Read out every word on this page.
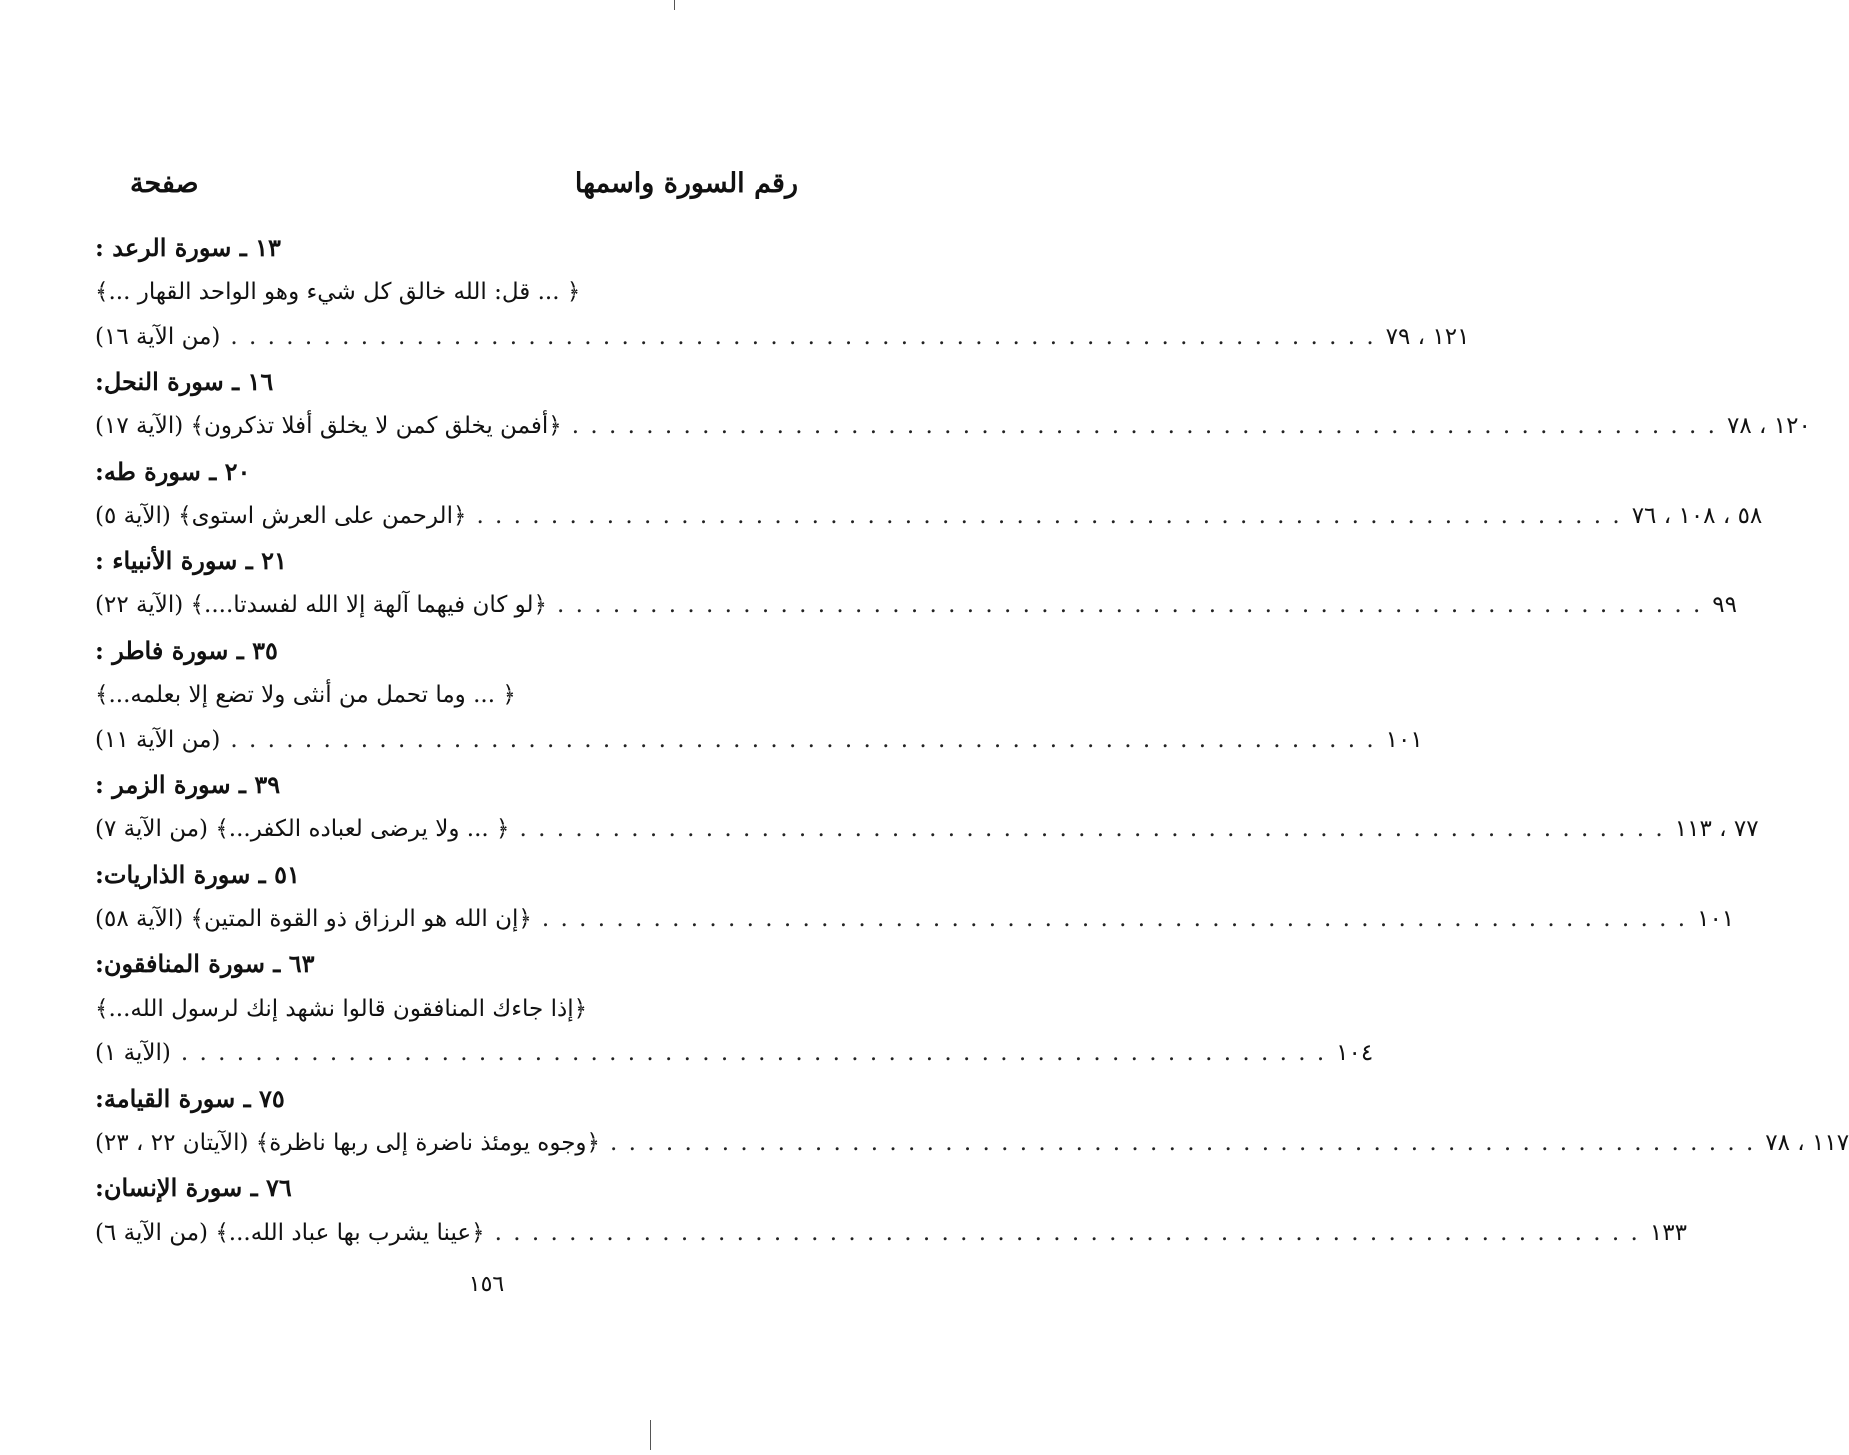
رقم السورة واسمها
صفحة
١٣ ـ سورة الرعد :
﴿ ... قل: الله خالق كل شيء وهو الواحد القهار ...﴾
(من الآية ١٦) . . . . . . . . . . . . . . . . . . . . . . . . . . . . . . . . . . . . . . . . . . . . . . . . . . . . . . . . . . . . . . ١٢١ ، ٧٩
١٦ ـ سورة النحل:
﴿أفمن يخلق كمن لا يخلق أفلا تذكرون﴾ (الآية ١٧) . . . . . . . . . . . . . . . . . . . . . . . . . . . . . . . . . . . . . . . . . . . . . . . . . . . . . . . . . . . . . . ١٢٠ ، ٧٨
٢٠ ـ سورة طه:
﴿الرحمن على العرش استوى﴾ (الآية ٥) . . . . . . . . . . . . . . . . . . . . . . . . . . . . . . . . . . . . . . . . . . . . . . . . . . . . . . . . . . . . . . ٥٨ ، ١٠٨ ، ٧٦
٢١ ـ سورة الأنبياء :
﴿لو كان فيهما آلهة إلا الله لفسدتا....﴾ (الآية ٢٢) . . . . . . . . . . . . . . . . . . . . . . . . . . . . . . . . . . . . . . . . . . . . . . . . . . . . . . . . . . . . . . ٩٩
٣٥ ـ سورة فاطر :
﴿ ... وما تحمل من أنثى ولا تضع إلا بعلمه...﴾
(من الآية ١١) . . . . . . . . . . . . . . . . . . . . . . . . . . . . . . . . . . . . . . . . . . . . . . . . . . . . . . . . . . . . . . ١٠١
٣٩ ـ سورة الزمر :
﴿ ... ولا يرضى لعباده الكفر...﴾ (من الآية ٧) . . . . . . . . . . . . . . . . . . . . . . . . . . . . . . . . . . . . . . . . . . . . . . . . . . . . . . . . . . . . . . ٧٧ ، ١١٣
٥١ ـ سورة الذاريات:
﴿إن الله هو الرزاق ذو القوة المتين﴾ (الآية ٥٨) . . . . . . . . . . . . . . . . . . . . . . . . . . . . . . . . . . . . . . . . . . . . . . . . . . . . . . . . . . . . . . ١٠١
٦٣ ـ سورة المنافقون:
﴿إذا جاءك المنافقون قالوا نشهد إنك لرسول الله...﴾
(الآية ١) . . . . . . . . . . . . . . . . . . . . . . . . . . . . . . . . . . . . . . . . . . . . . . . . . . . . . . . . . . . . . . ١٠٤
٧٥ ـ سورة القيامة:
﴿وجوه يومئذ ناضرة إلى ربها ناظرة﴾ (الآيتان ٢٢ ، ٢٣) . . . . . . . . . . . . . . . . . . . . . . . . . . . . . . . . . . . . . . . . . . . . . . . . . . . . . . . . . . . . . . ١١٧ ، ٧٨
٧٦ ـ سورة الإنسان:
﴿عينا يشرب بها عباد الله...﴾ (من الآية ٦) . . . . . . . . . . . . . . . . . . . . . . . . . . . . . . . . . . . . . . . . . . . . . . . . . . . . . . . . . . . . . . ١٣٣
١٥٦
